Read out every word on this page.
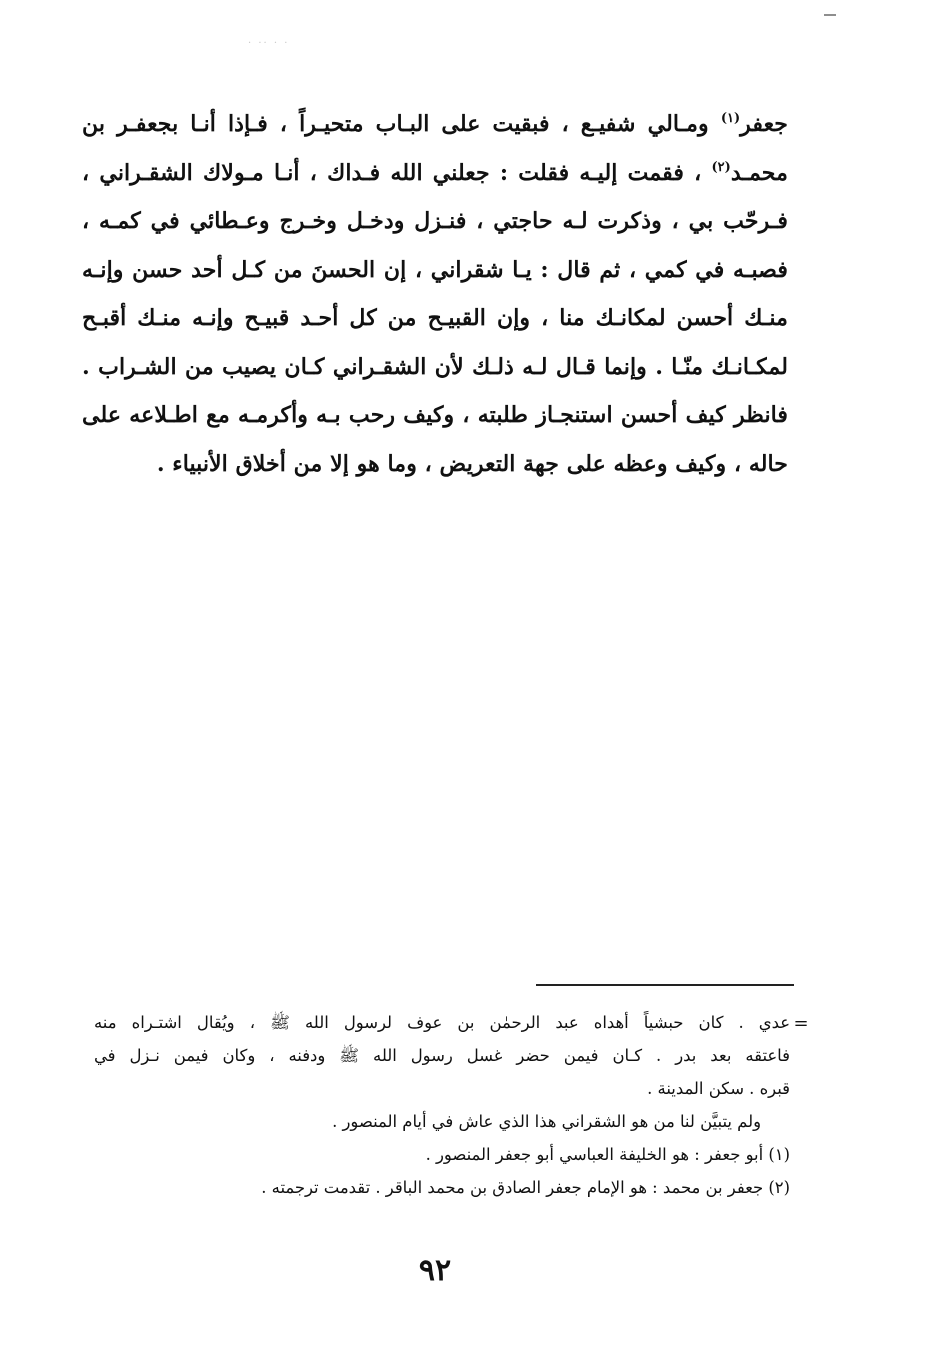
· ·· · ·
جعفر$^{(١)}$ ومـالي شفيـع ، فبقيت على البـاب متحيـراً ، فـإذا أنـا بجعفـر بن
محمـد$^{(٢)}$ ، فقمت إليـه فقلت : جعلني الله فـداك ، أنـا مـولاك الشقـراني ،
فـرحّب بي ، وذكرت لـه حاجتي ، فنـزل ودخـل وخـرج وعـطائي في كمـه ،
فصبـه في كمي ، ثم قال : يـا شقراني ، إن الحسنَ من كـل أحد حسن وإنـه
منـك أحسن لمكانـك منا ، وإن القبيـح من كل أحـد قبيـح وإنـه منـك أقبـح
لمكـانـك منّـا . وإنما قـال لـه ذلـك لأن الشقـراني كـان يصيب من الشـراب .
فانظر كيف أحسن استنجـاز طلبته ، وكيف رحب بـه وأكرمـه مع اطـلاعه على
حاله ، وكيف وعظه على جهة التعريض ، وما هو إلا من أخلاق الأنبياء .
=
عدي . كان حبشياً أهداه عبد الرحمٰن بن عوف لرسول الله ﷺ ، ويُقال اشتـراه منه
فاعتقه بعد بدر . كـان فيمن حضر غسل رسول الله ﷺ ودفنه ، وكان فيمن نـزل في
قبره . سكن المدينة .
ولم يتبيَّن لنا من هو الشقراني هذا الذي عاش في أيام المنصور .
(١) أبو جعفر : هو الخليفة العباسي أبو جعفر المنصور .
(٢) جعفر بن محمد : هو الإمام جعفر الصادق بن محمد الباقر . تقدمت ترجمته .
٩٢
